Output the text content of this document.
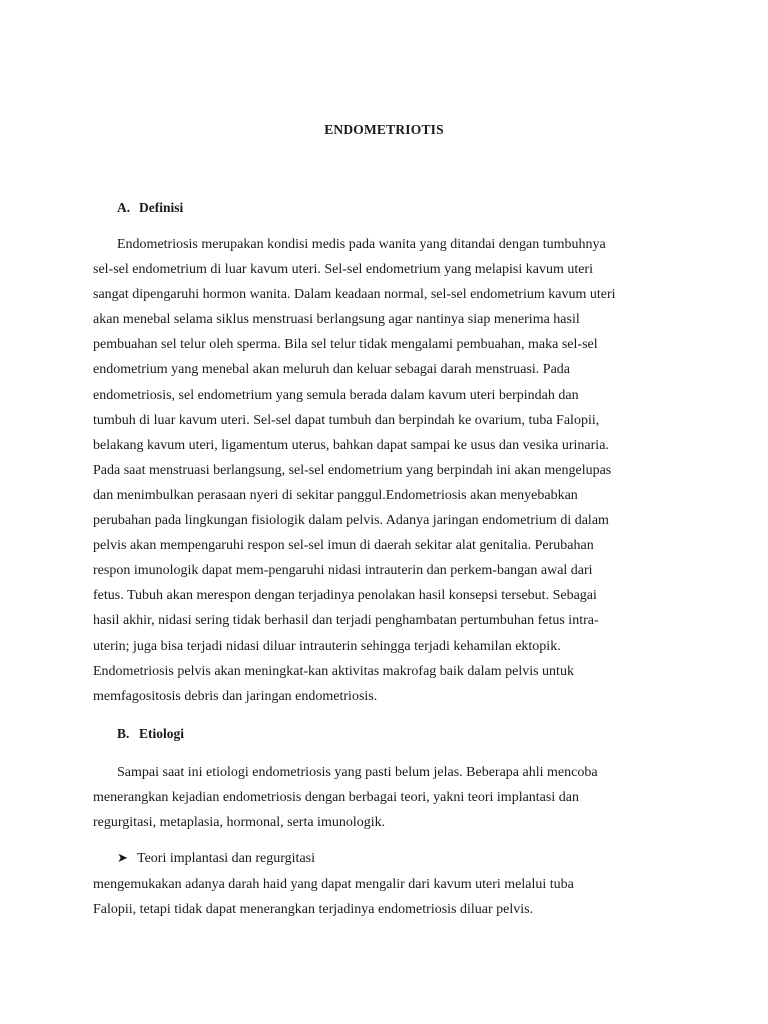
ENDOMETRIOTIS
A. Definisi
Endometriosis merupakan kondisi medis pada wanita yang ditandai dengan tumbuhnya
sel-sel endometrium di luar kavum uteri. Sel-sel endometrium yang melapisi kavum uteri
sangat dipengaruhi hormon wanita. Dalam keadaan normal, sel-sel endometrium kavum uteri
akan menebal selama siklus menstruasi berlangsung agar nantinya siap menerima hasil
pembuahan sel telur oleh sperma. Bila sel telur tidak mengalami pembuahan, maka sel-sel
endometrium yang menebal akan meluruh dan keluar sebagai darah menstruasi. Pada
endometriosis, sel endometrium yang semula berada dalam kavum uteri berpindah dan
tumbuh di luar kavum uteri. Sel-sel dapat tumbuh dan berpindah ke ovarium, tuba Falopii,
belakang kavum uteri, ligamentum uterus, bahkan dapat sampai ke usus dan vesika urinaria.
Pada saat menstruasi berlangsung, sel-sel endometrium yang berpindah ini akan mengelupas
dan menimbulkan perasaan nyeri di sekitar panggul.Endometriosis akan menyebabkan
perubahan pada lingkungan fisiologik dalam pelvis. Adanya jaringan endometrium di dalam
pelvis akan mempengaruhi respon sel-sel imun di daerah sekitar alat genitalia. Perubahan
respon imunologik dapat mem-pengaruhi nidasi intrauterin dan perkem-bangan awal dari
fetus. Tubuh akan merespon dengan terjadinya penolakan hasil konsepsi tersebut. Sebagai
hasil akhir, nidasi sering tidak berhasil dan terjadi penghambatan pertumbuhan fetus intra-
uterin; juga bisa terjadi nidasi diluar intrauterin sehingga terjadi kehamilan ektopik.
Endometriosis pelvis akan meningkat-kan aktivitas makrofag baik dalam pelvis untuk
memfagositosis debris dan jaringan endometriosis.
B. Etiologi
Sampai saat ini etiologi endometriosis yang pasti belum jelas. Beberapa ahli mencoba
menerangkan kejadian endometriosis dengan berbagai teori, yakni teori implantasi dan
regurgitasi, metaplasia, hormonal, serta imunologik.
➤ Teori implantasi dan regurgitasi
mengemukakan adanya darah haid yang dapat mengalir dari kavum uteri melalui tuba
Falopii, tetapi tidak dapat menerangkan terjadinya endometriosis diluar pelvis.
